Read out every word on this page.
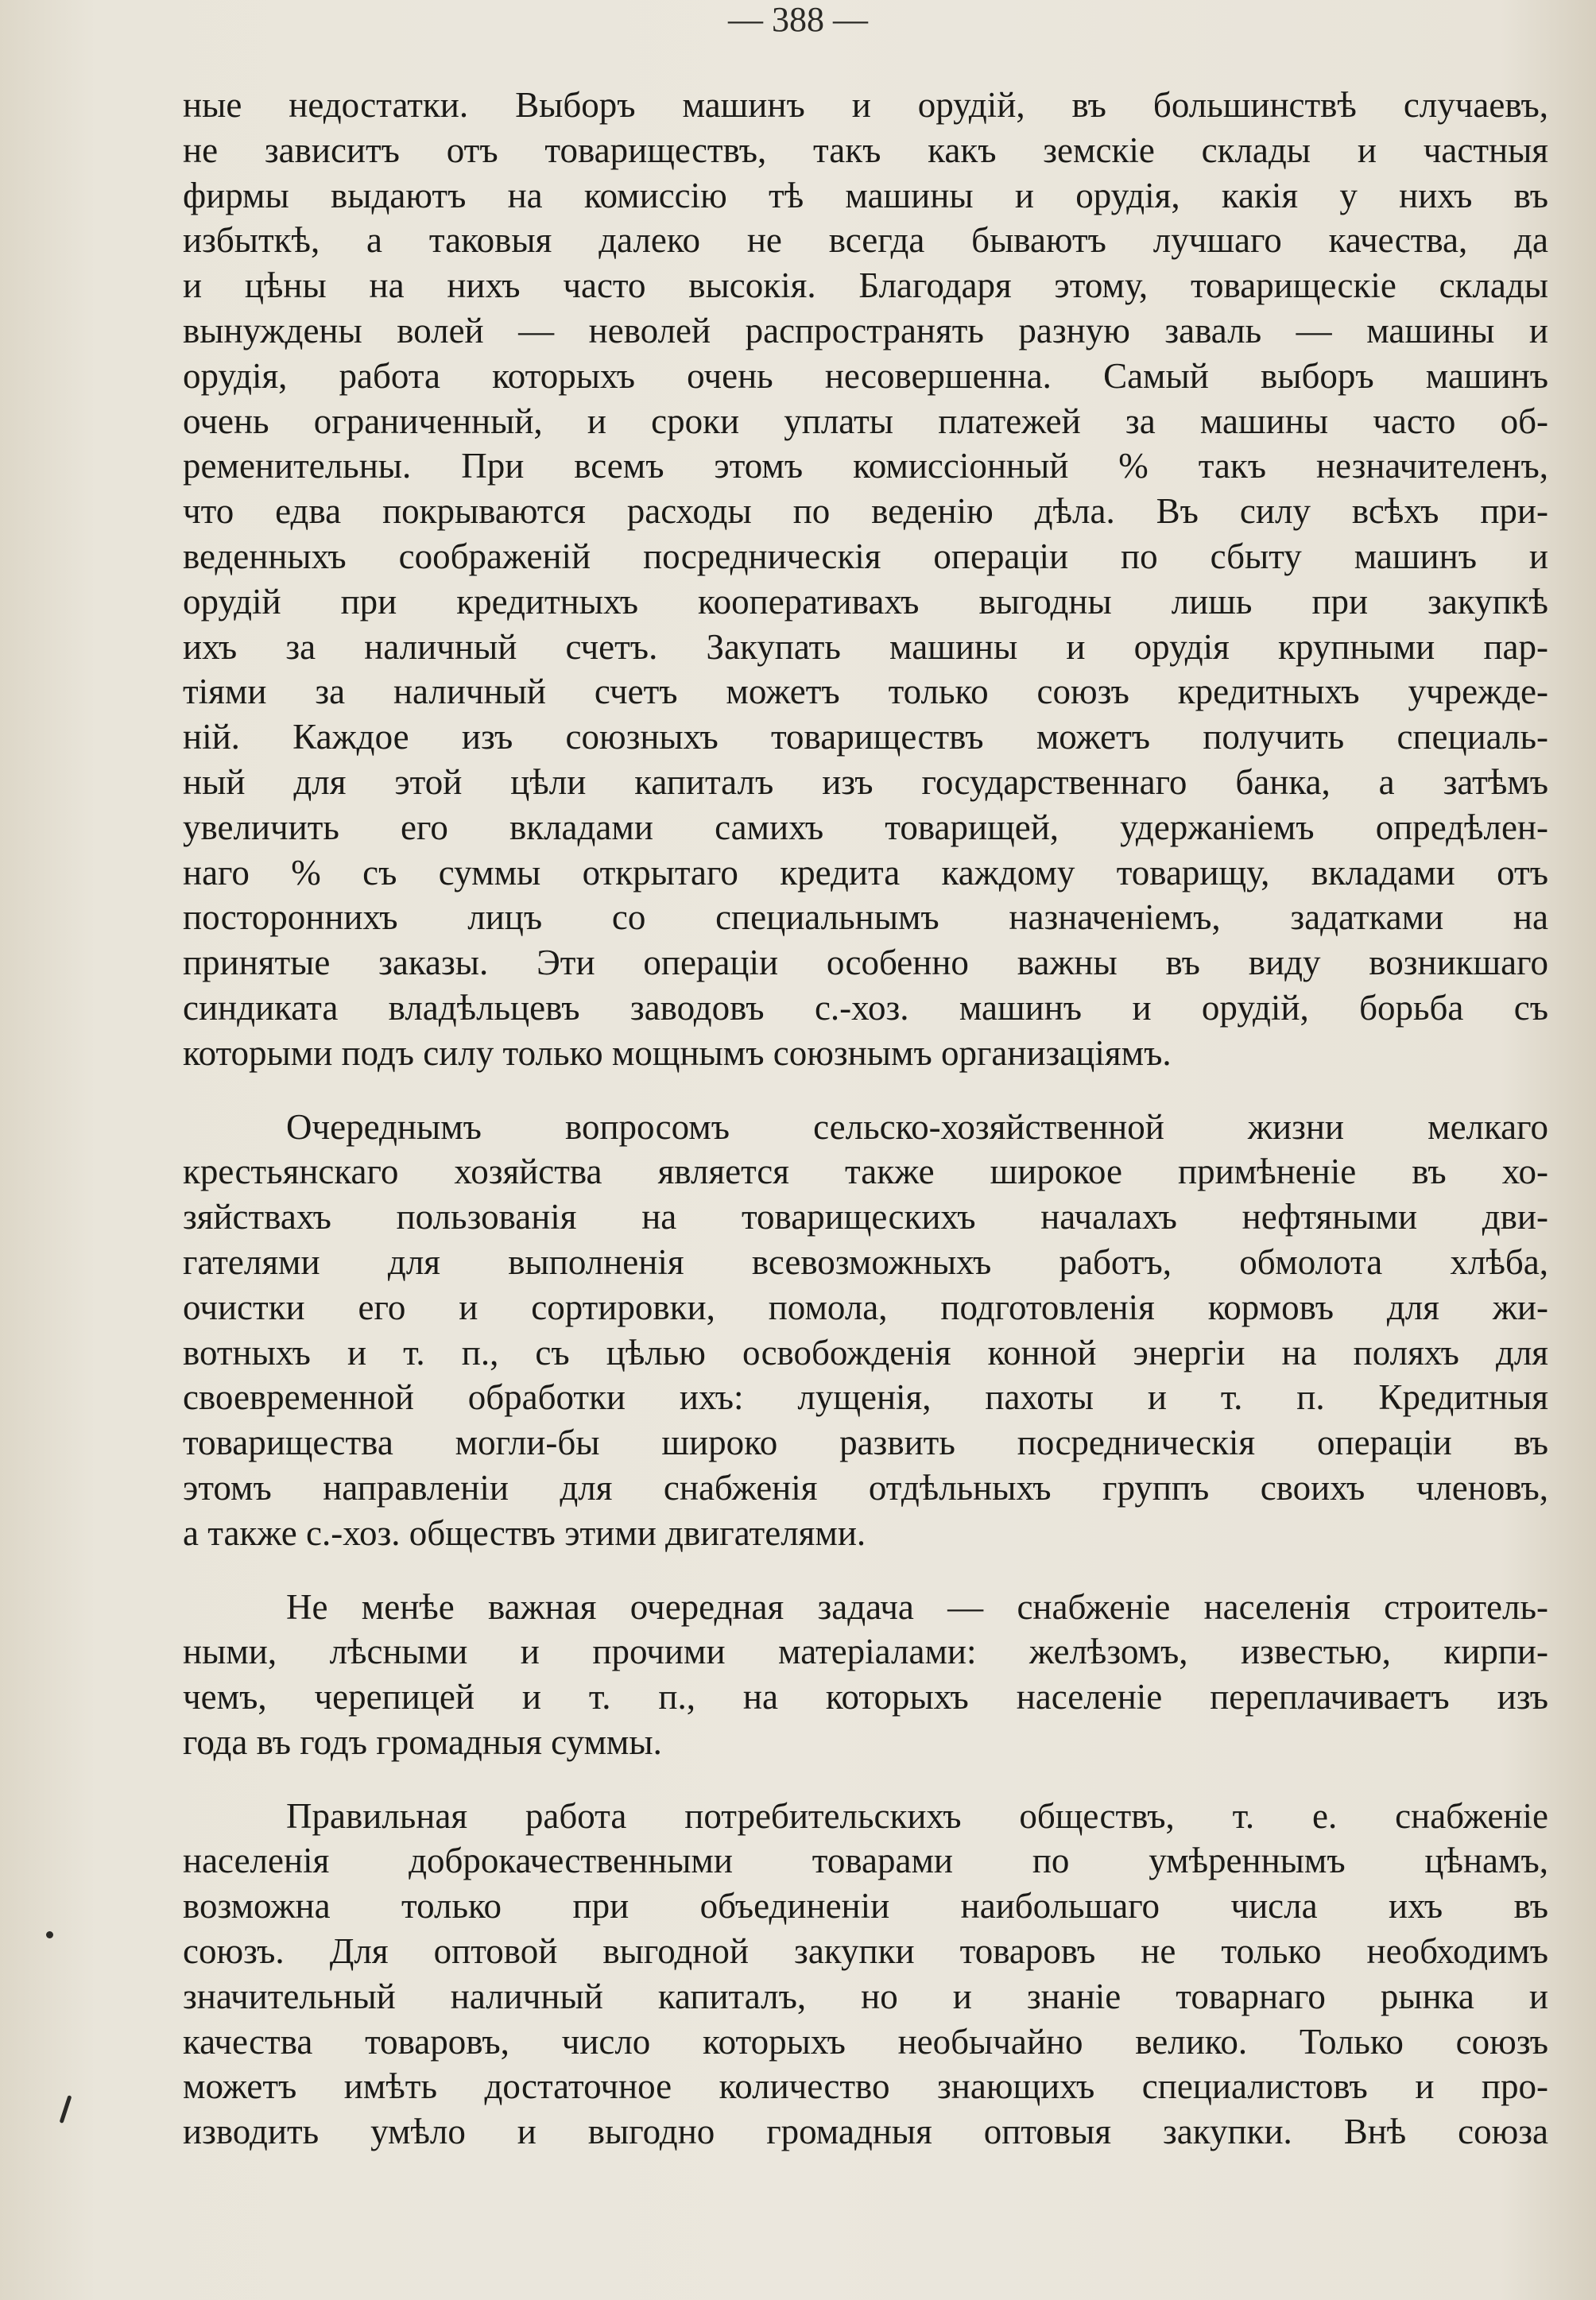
— 388 —
ные недостатки. Выборъ машинъ и орудій, въ большинствѣ случаевъ,
не зависитъ отъ товариществъ, такъ какъ земскіе склады и частныя
фирмы выдаютъ на комиссію тѣ машины и орудія, какія у нихъ въ
избыткѣ, а таковыя далеко не всегда бываютъ лучшаго качества, да
и цѣны на нихъ часто высокія. Благодаря этому, товарищескіе склады
вынуждены волей — неволей распространять разную заваль — машины и
орудія, работа которыхъ очень несовершенна. Самый выборъ машинъ
очень ограниченный, и сроки уплаты платежей за машины часто об-
ременительны. При всемъ этомъ комиссіонный % такъ незначителенъ,
что едва покрываются расходы по веденію дѣла. Въ силу всѣхъ при-
веденныхъ соображеній посредническія операціи по сбыту машинъ и
орудій при кредитныхъ кооперативахъ выгодны лишь при закупкѣ
ихъ за наличный счетъ. Закупать машины и орудія крупными пар-
тіями за наличный счетъ можетъ только союзъ кредитныхъ учрежде-
ній. Каждое изъ союзныхъ товариществъ можетъ получить специаль-
ный для этой цѣли капиталъ изъ государственнаго банка, а затѣмъ
увеличить его вкладами самихъ товарищей, удержаніемъ опредѣлен-
наго % съ суммы открытаго кредита каждому товарищу, вкладами отъ
постороннихъ лицъ со специальнымъ назначеніемъ, задатками на
принятые заказы. Эти операціи особенно важны въ виду возникшаго
синдиката владѣльцевъ заводовъ с.-хоз. машинъ и орудій, борьба съ
которыми подъ силу только мощнымъ союзнымъ организаціямъ.
Очереднымъ вопросомъ сельско-хозяйственной жизни мелкаго
крестьянскаго хозяйства является также широкое примѣненіе въ хо-
зяйствахъ пользованія на товарищескихъ началахъ нефтяными дви-
гателями для выполненія всевозможныхъ работъ, обмолота хлѣба,
очистки его и сортировки, помола, подготовленія кормовъ для жи-
вотныхъ и т. п., съ цѣлью освобожденія конной энергіи на поляхъ для
своевременной обработки ихъ: лущенія, пахоты и т. п. Кредитныя
товарищества могли-бы широко развить посредническія операціи въ
этомъ направленіи для снабженія отдѣльныхъ группъ своихъ членовъ,
а также с.-хоз. обществъ этими двигателями.
Не менѣе важная очередная задача — снабженіе населенія строитель-
ными, лѣсными и прочими матеріалами: желѣзомъ, известью, кирпи-
чемъ, черепицей и т. п., на которыхъ населеніе переплачиваетъ изъ
года въ годъ громадныя суммы.
Правильная работа потребительскихъ обществъ, т. е. снабженіе
населенія доброкачественными товарами по умѣреннымъ цѣнамъ,
возможна только при объединеніи наибольшаго числа ихъ въ
союзъ. Для оптовой выгодной закупки товаровъ не только необходимъ
значительный наличный капиталъ, но и знаніе товарнаго рынка и
качества товаровъ, число которыхъ необычайно велико. Только союзъ
можетъ имѣть достаточное количество знающихъ специалистовъ и про-
изводить умѣло и выгодно громадныя оптовыя закупки. Внѣ союза
